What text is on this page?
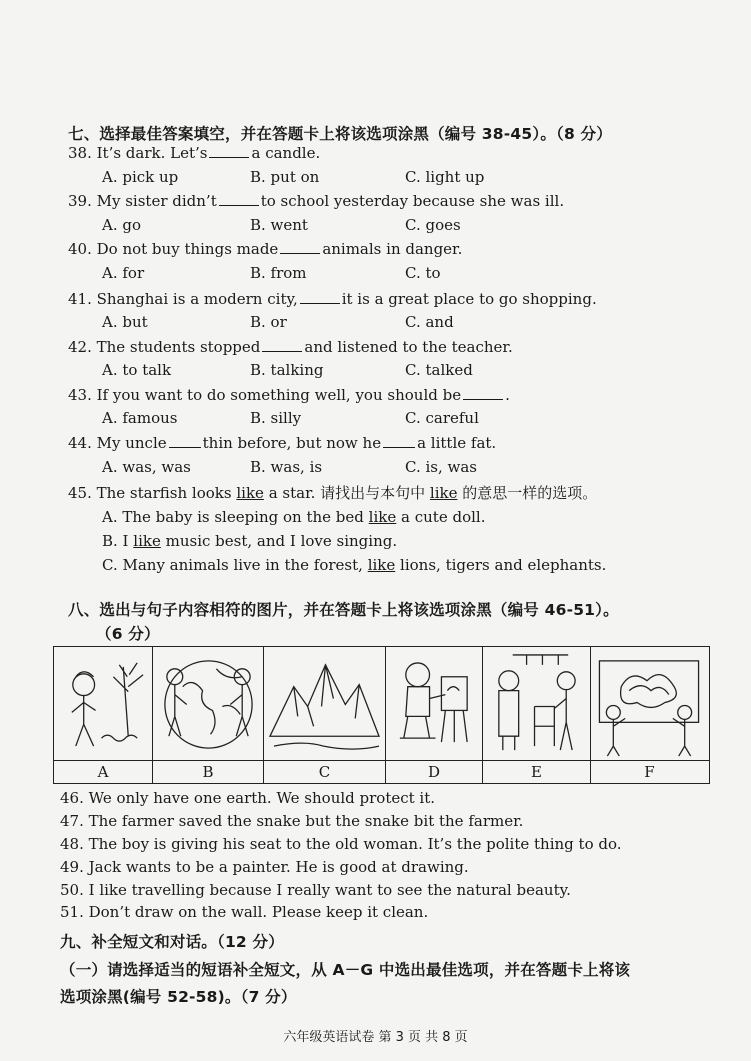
七、选择最佳答案填空，并在答题卡上将该选项涂黑（编号 38-45）。（8 分）
38. It’s dark. Let’s	a candle.
A. pick up	B. put on	C. light up
39. My sister didn’t	to school yesterday because she was ill.
A. go	B. went	C. goes
40. Do not buy things made	animals in danger.
A. for	B. from	C. to
41. Shanghai is a modern city,	it is a great place to go shopping.
A. but	B. or	C. and
42. The students stopped	and listened to the teacher.
A. to talk	B. talking	C. talked
43. If you want to do something well, you should be	.
A. famous	B. silly	C. careful
44. My uncle thin before, but now he a little fat.
A. was, was	B. was, is	C. is, was
45. The starfish looks like a star. 请找出与本句中 like 的意思一样的选项。
A. The baby is sleeping on the bed like a cute doll.
B. I like music best, and I love singing.
C. Many animals live in the forest, like lions, tigers and elephants.
八、选出与句子内容相符的图片，并在答题卡上将该选项涂黑（编号 46-51）。
（6 分）
A	B	C	D	E	F
46. We only have one earth. We should protect it.
47. The farmer saved the snake but the snake bit the farmer.
48. The boy is giving his seat to the old woman. It’s the polite thing to do.
49. Jack wants to be a painter. He is good at drawing.
50. I like travelling because I really want to see the natural beauty.
51. Don’t draw on the wall. Please keep it clean.
九、补全短文和对话。（12 分）
（一）请选择适当的短语补全短文，从 A－G 中选出最佳选项，并在答题卡上将该
选项涂黑(编号 52-58)。（7 分）
六年级英语试卷 第 3 页 共 8 页
